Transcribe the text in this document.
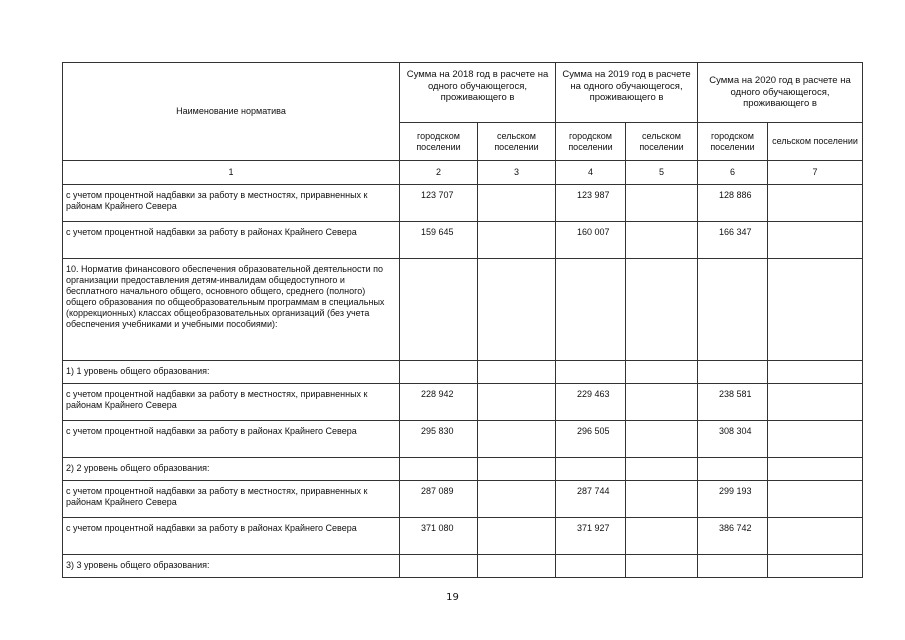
Наименование норматива	Сумма на 2018 год в расчете на одного обучающегося, проживающего в		Сумма на 2019 год в расчете на одного обучающегося, проживающего в		Сумма на 2020 год в расчете на одного обучающегося, проживающего в	
	городском поселении	сельском поселении	городском поселении	сельском поселении	городском поселении	сельском поселении
1	2	3	4	5	6	7
с учетом процентной надбавки за работу в местностях, приравненных к районам Крайнего Севера	123 707		123 987		128 886	
с учетом процентной надбавки за работу в районах Крайнего Севера	159 645		160 007		166 347	
10. Норматив финансового обеспечения образовательной деятельности по организации предоставления детям-инвалидам общедоступного и бесплатного начального общего, основного общего, среднего (полного) общего образования по общеобразовательным программам в специальных (коррекционных) классах общеобразовательных организаций (без учета обеспечения учебниками и учебными пособиями):						
1) 1 уровень общего образования:						
с учетом процентной надбавки за работу в местностях, приравненных к районам Крайнего Севера	228 942		229 463		238 581	
с учетом процентной надбавки за работу в районах Крайнего Севера	295 830		296 505		308 304	
2) 2 уровень общего образования:						
с учетом процентной надбавки за работу в местностях, приравненных к районам Крайнего Севера	287 089		287 744		299 193	
с учетом процентной надбавки за работу в районах Крайнего Севера	371 080		371 927		386 742	
3) 3 уровень общего образования:						
19
